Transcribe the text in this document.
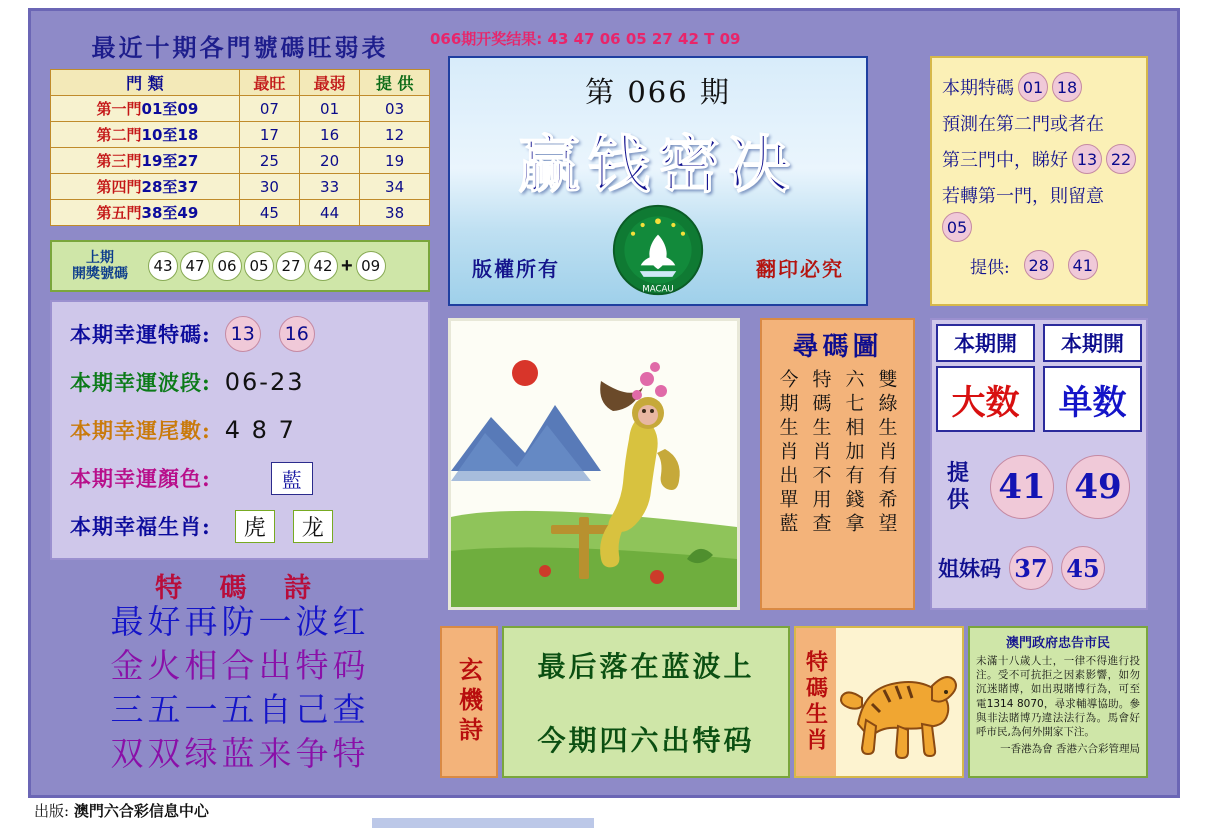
066期开奖结果: 43 47 06 05 27 42 T 09
最近十期各門號碼旺弱表
門 類	最旺	最弱	提 供
第一門01至09	07	01	03
第二門10至18	17	16	12
第三門19至27	25	20	19
第四門28至37	30	33	34
第五門38至49	45	44	38
上期
開獎號碼	43 47 06 05 27 42 + 09
本期幸運特碼:	13	16
本期幸運波段: 06-23
本期幸運尾數: 4 8 7
本期幸運顏色:	藍
本期幸福生肖:	虎	龙
特 碼 詩
最好再防一波红
金火相合出特码
三五一五自己查
双双绿蓝来争特
第 066 期
赢钱密决
版權所有	翻印必究
MACAU
尋碼圖
雙綠生肖有希望
六七相加有錢拿
特碼生肖不用查
今期生肖出單藍
本期特碼 01 18
預測在第二門或者在
第三門中，睇好 13 22
若轉第一門，則留意
05
提供:	28	41
本期開	本期開
大数	单数
提
供 41 49
姐妹码 37 45
玄機詩 最后落在蓝波上
今期四六出特码 特碼生肖
澳門政府忠告市民
未滿十八歲人士，一律不得進行投注。受不可抗拒之因素影響，如勿沉迷賭博，如出現賭博行為，可至電1314 8070，尋求輔導協助。參與非法賭博乃違法法行為。馬會好呼市民,為何外開家下注。
一香港為會 香港六合彩管理局
出版: 澳門六合彩信息中心
